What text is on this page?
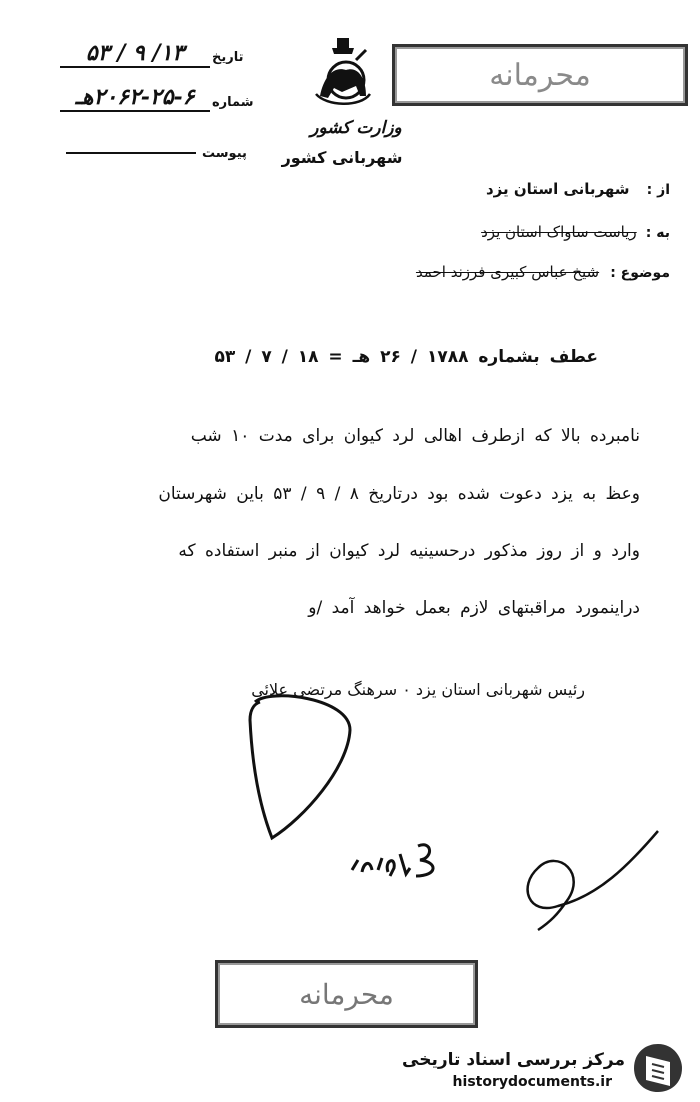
محرمانه
تاریخ
۱۳/ ۹ / ۵۳
شماره
۲۰۶۲-۲۵-۶هـ
پیوست
وزارت کشور
شهربانی کشور
از : شهربانی استان یزد
به : ریاست ساواک استان یزد
موضوع : شیخ عباس کبیری فرزند احمد
عطف بشماره ۱۷۸۸ / ۲۶ هـ = ۱۸ / ۷ / ۵۳
نامبرده بالا که ازطرف اهالی لرد کیوان برای مدت ۱۰ شب
وعظ به یزد دعوت شده بود درتاریخ ۸ / ۹ / ۵۳ باین شهرستان
وارد و از روز مذکور درحسینیه لرد کیوان از منبر استفاده که
دراینمورد مراقبتهای لازم بعمل خواهد آمد /و
رئیس شهربانی استان یزد ۰ سرهنگ مرتضی علائی
محرمانه
مرکز بررسی اسناد تاریخی
historydocuments.ir
